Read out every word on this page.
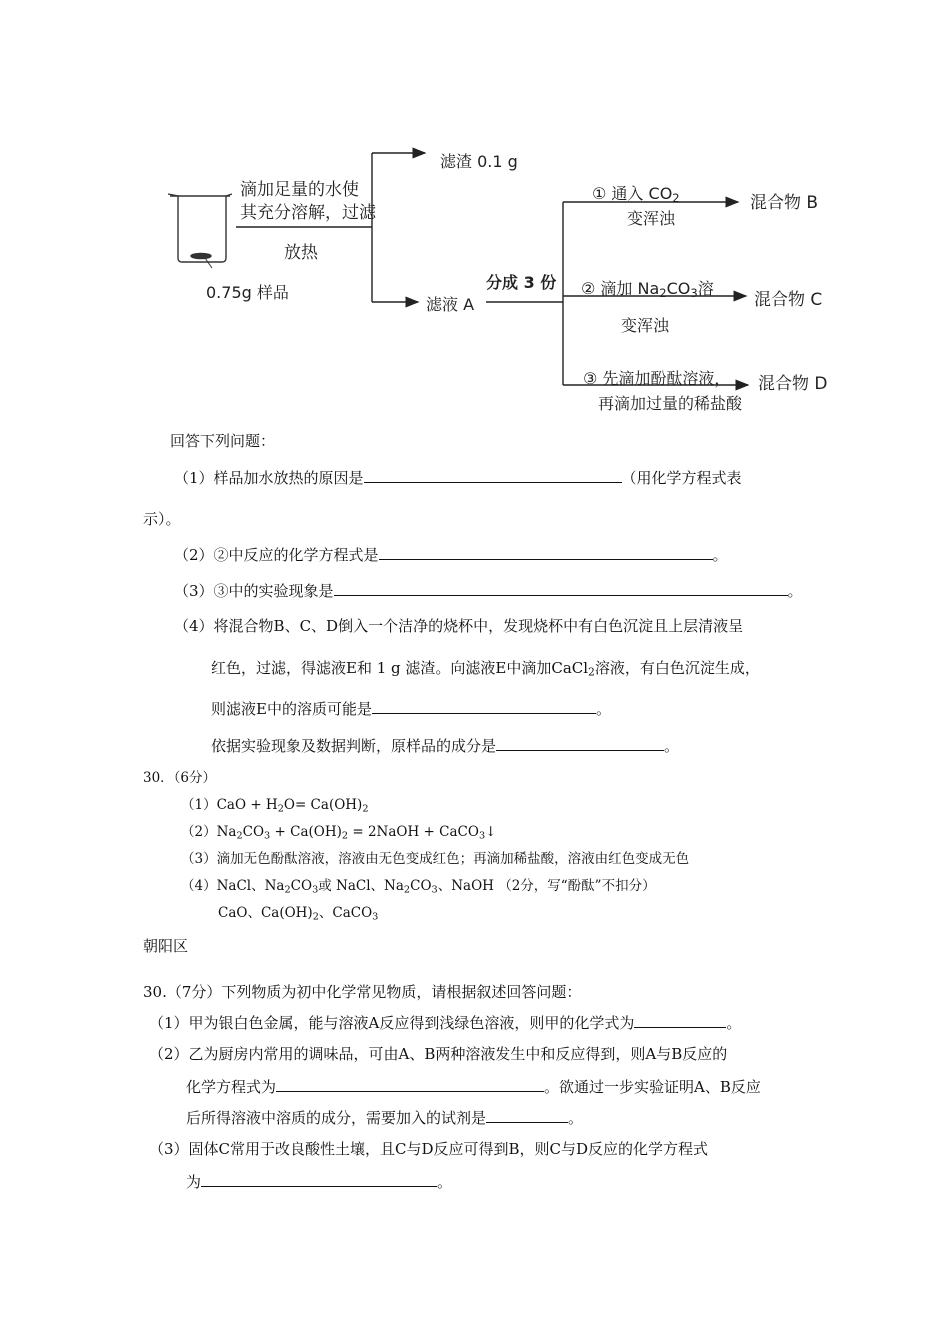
0.75g 样品
滴加足量的水使
其充分溶解，过滤
放热
滤渣 0.1 g
滤液 A
分成 3 份
① 通入 $CO_2$
变浑浊
② 滴加 $Na_2CO_3$溶
变浑浊
③ 先滴加酚酞溶液，
再滴加过量的稀盐酸
混合物 B
混合物 C
混合物 D
回答下列问题：
（1）样品加水放热的原因是	（用化学方程式表
示）。
（2）②中反应的化学方程式是	。
（3）③中的实验现象是	。
（4）将混合物B、C、D倒入一个洁净的烧杯中，发现烧杯中有白色沉淀且上层清液呈
红色，过滤，得滤液E和 1 g 滤渣。向滤液E中滴加CaCl$_2$溶液，有白色沉淀生成，
则滤液E中的溶质可能是	。
依据实验现象及数据判断，原样品的成分是	。
30．（6分）
$(1)CaO + H_2O= Ca(OH)_2$
$(2)Na_2CO_3 + Ca(OH)_2$ = 2NaOH + CaCO$_3$↓
（3）滴加无色酚酞溶液，溶液由无色变成红色；再滴加稀盐酸，溶液由红色变成无色
（4）NaCl、$Na_2CO_3$或 NaCl、$Na_2CO_3$、NaOH （2分，写“酚酞”不扣分）
CaO、$Ca(OH)_2$、CaCO$_3$
朝阳区
30.（7分）下列物质为初中化学常见物质，请根据叙述回答问题：
（1）甲为银白色金属，能与溶液A反应得到浅绿色溶液，则甲的化学式为	。
（2）乙为厨房内常用的调味品，可由A、B两种溶液发生中和反应得到，则A与B反应的
化学方程式为	。欲通过一步实验证明A、B反应
后所得溶液中溶质的成分，需要加入的试剂是	。
（3）固体C常用于改良酸性土壤，且C与D反应可得到B，则C与D反应的化学方程式
为	。
